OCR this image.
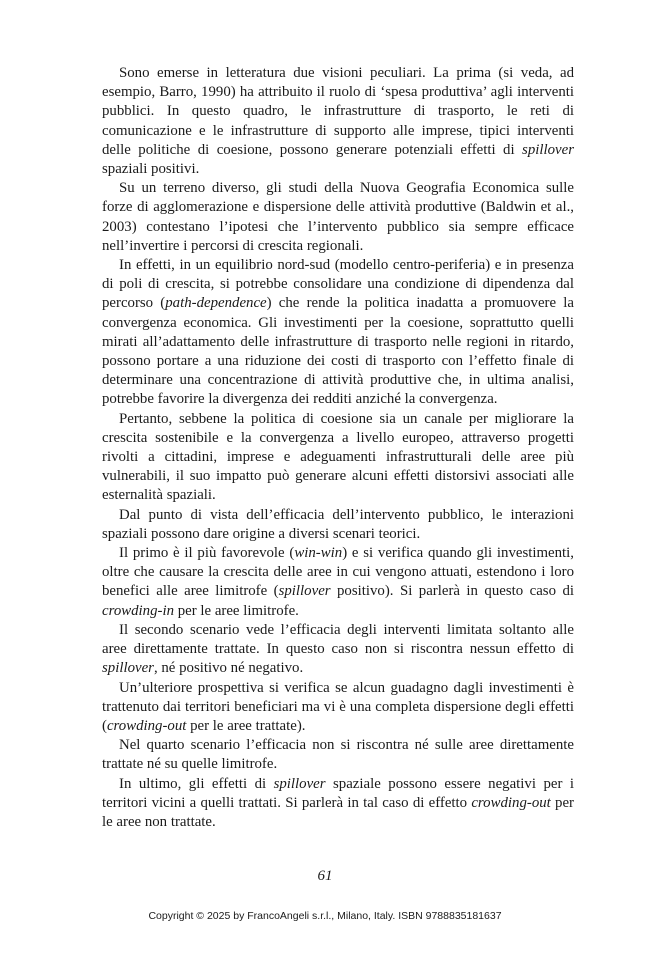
Sono emerse in letteratura due visioni peculiari. La prima (si veda, ad esempio, Barro, 1990) ha attribuito il ruolo di ‘spesa produttiva’ agli interventi pubblici. In questo quadro, le infrastrutture di trasporto, le reti di comunicazione e le infrastrutture di supporto alle imprese, tipici interventi delle politiche di coesione, possono generare potenziali effetti di spillover spaziali positivi.

Su un terreno diverso, gli studi della Nuova Geografia Economica sulle forze di agglomerazione e dispersione delle attività produttive (Baldwin et al., 2003) contestano l’ipotesi che l’intervento pubblico sia sempre efficace nell’invertire i percorsi di crescita regionali.

In effetti, in un equilibrio nord-sud (modello centro-periferia) e in presenza di poli di crescita, si potrebbe consolidare una condizione di dipendenza dal percorso (path-dependence) che rende la politica inadatta a promuovere la convergenza economica. Gli investimenti per la coesione, soprattutto quelli mirati all’adattamento delle infrastrutture di trasporto nelle regioni in ritardo, possono portare a una riduzione dei costi di trasporto con l’effetto finale di determinare una concentrazione di attività produttive che, in ultima analisi, potrebbe favorire la divergenza dei redditi anziché la convergenza.

Pertanto, sebbene la politica di coesione sia un canale per migliorare la crescita sostenibile e la convergenza a livello europeo, attraverso progetti rivolti a cittadini, imprese e adeguamenti infrastrutturali delle aree più vulnerabili, il suo impatto può generare alcuni effetti distorsivi associati alle esternalità spaziali.

Dal punto di vista dell’efficacia dell’intervento pubblico, le interazioni spaziali possono dare origine a diversi scenari teorici.

Il primo è il più favorevole (win-win) e si verifica quando gli investimenti, oltre che causare la crescita delle aree in cui vengono attuati, estendono i loro benefici alle aree limitrofe (spillover positivo). Si parlerà in questo caso di crowding-in per le aree limitrofe.

Il secondo scenario vede l’efficacia degli interventi limitata soltanto alle aree direttamente trattate. In questo caso non si riscontra nessun effetto di spillover, né positivo né negativo.

Un’ulteriore prospettiva si verifica se alcun guadagno dagli investimenti è trattenuto dai territori beneficiari ma vi è una completa dispersione degli effetti (crowding-out per le aree trattate).

Nel quarto scenario l’efficacia non si riscontra né sulle aree direttamente trattate né su quelle limitrofe.

In ultimo, gli effetti di spillover spaziale possono essere negativi per i territori vicini a quelli trattati. Si parlerà in tal caso di effetto crowding-out per le aree non trattate.

61
Copyright © 2025 by FrancoAngeli s.r.l., Milano, Italy. ISBN 9788835181637
